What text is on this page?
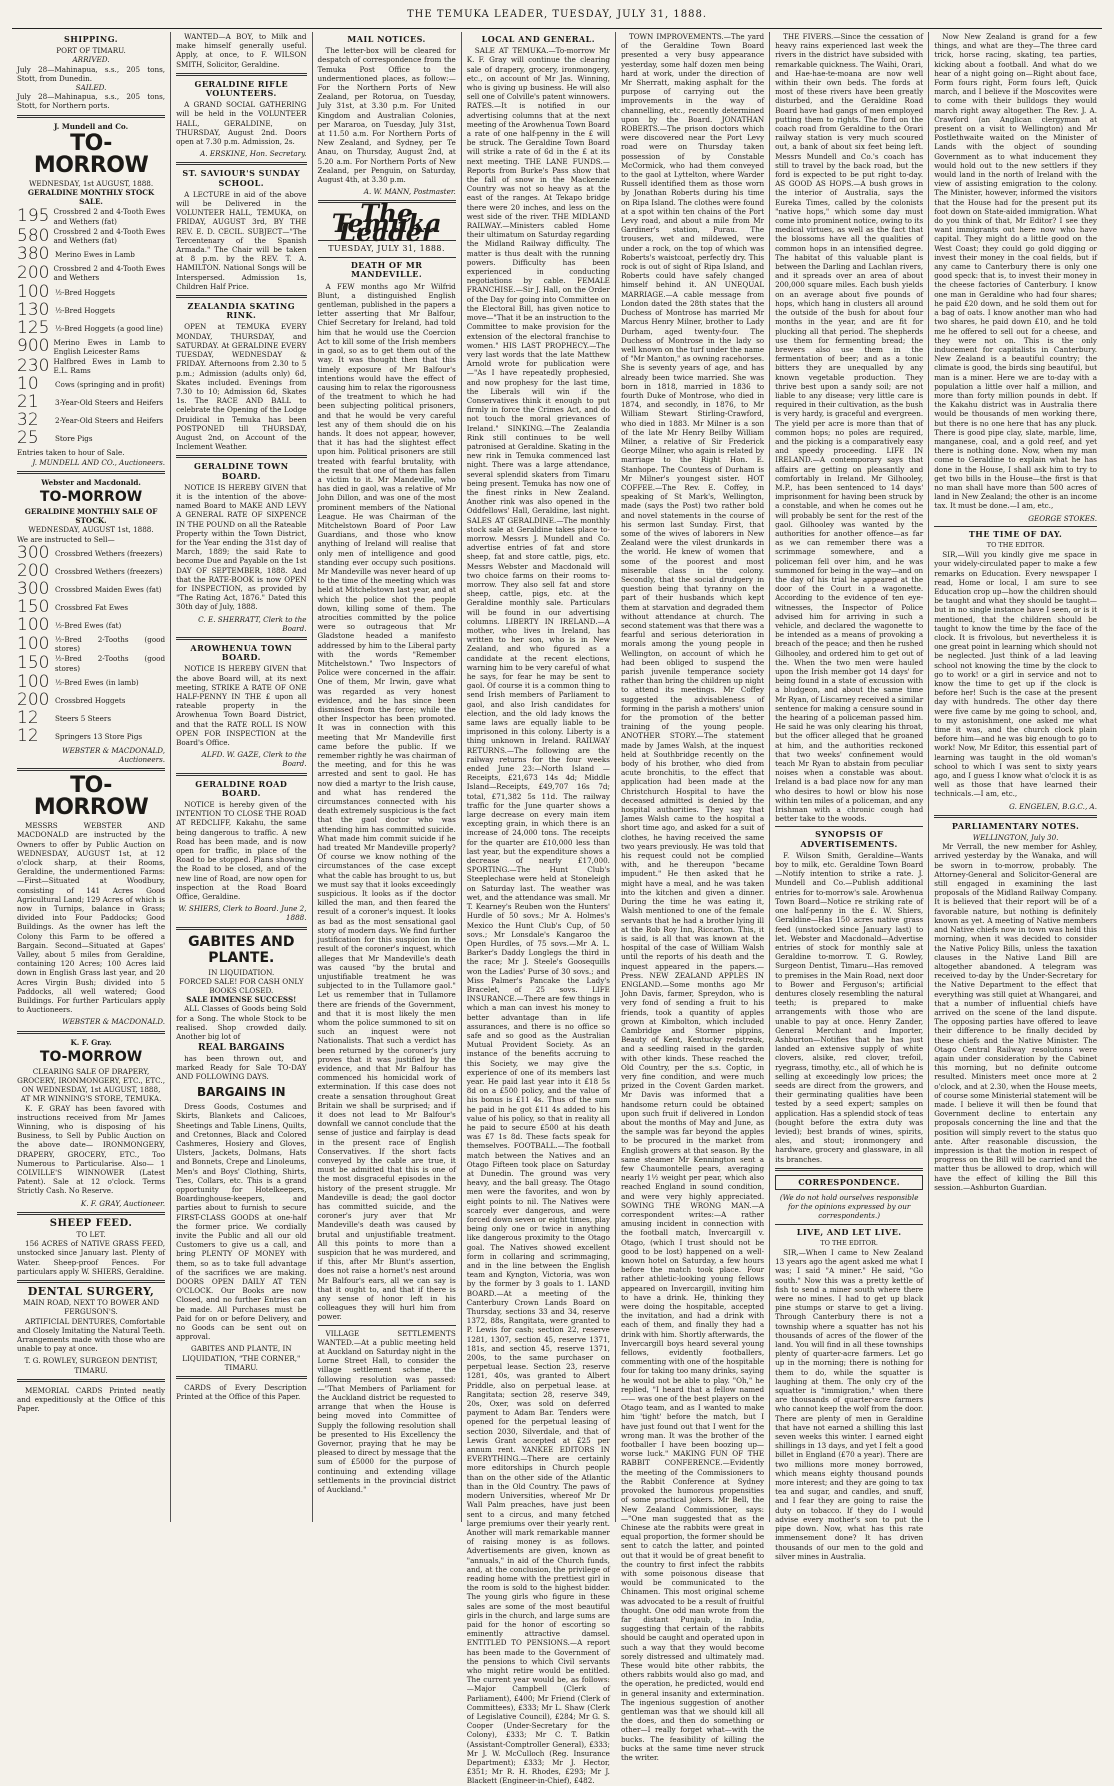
THE TEMUKA LEADER, TUESDAY, JULY 31, 1888.
SHIPPING.
PORT OF TIMARU.
ARRIVED.
July 28—Mahinapua, s.s., 205 tons, Stott, from Dunedin.
SAILED.
July 28—Mahinapua, s.s., 205 tons, Stott, for Northern ports.
J. Mundell and Co.
TO-MORROW
WEDNESDAY, 1st AUGUST, 1888.
GERALDINE MONTHLY STOCK SALE.
195 Crossbred 2 and 4-Tooth Ewes and Wethers (fat)
580 Crossbred 2 and 4-Tooth Ewes and Wethers (fat)
380 Merino Ewes in Lamb
200 Crossbred 2 and 4-Tooth Ewes and Wethers
100 ½-Bred Hoggets
130 ½-Bred Hoggets
125 ½-Bred Hoggets (a good line)
900 Merino Ewes in Lamb to English Leicester Rams
230 Halfbred Ewes in Lamb to E.L. Rams
10	Cows (springing and in profit)
21	3-Year-Old Steers and Heifers
32	2-Year-Old Steers and Heifers
25	Store Pigs
Entries taken to hour of Sale.
J. MUNDELL AND CO., Auctioneers.
Webster and Macdonald.
TO-MORROW
GERALDINE MONTHLY SALE OF STOCK.
WEDNESDAY, AUGUST 1st, 1888.
We are instructed to Sell—
300 Crossbred Wethers (freezers)
200 Crossbred Wethers (freezers)
300 Crossbred Maiden Ewes (fat)
150 Crossbred Fat Ewes
100 ½-Bred Ewes (fat)
100 ½-Bred 2-Tooths (good stores)
150 ½-Bred 2-Tooths (good stores)
100 ½-Bred Ewes (in lamb)
200 Crossbred Hoggets
12	Steers 5 Steers
12	Springers 13 Store Pigs
WEBSTER & MACDONALD, Auctioneers.
TO-MORROW

MESSRS WEBSTER AND MACDONALD are instructed by the Owners to offer by Public Auction on WEDNESDAY, AUGUST 1st, at 12 o'clock sharp, at their Rooms, Geraldine, the undermentioned Farms:—First—Situated at Woodbury, consisting of 141 Acres Good Agricultural Land; 129 Acres of which is now in Turnips, balance in Grass; divided into Four Paddocks; Good Buildings. As the owner has left the Colony this Farm to be offered a Bargain. Second—Situated at Gapes' Valley, about 5 miles from Geraldine, containing 120 Acres; 100 Acres laid down in English Grass last year, and 20 Acres Virgin Bush; divided into 5 Paddocks, all well watered; Good Buildings. For further Particulars apply to Auctioneers.

WEBSTER & MACDONALD.
K. F. Gray.
TO-MORROW
CLEARING SALE OF DRAPERY, GROCERY, IRONMONGERY, ETC., ETC.,
ON WEDNESDAY, 1st AUGUST, 1888, AT MR WINNING'S STORE, TEMUKA.

K. F. GRAY has been favored with instructions received from Mr James Winning, who is disposing of his Business, to Sell by Public Auction on the above date— IRONMONGERY, DRAPERY, GROCERY, ETC., Too Numerous to Particularise. Also— 1 COLVILLE'S WINNOWER (Latest Patent). Sale at 12 o'clock. Terms Strictly Cash. No Reserve.

K. F. GRAY, Auctioneer.
SHEEP FEED.
TO LET.

156 ACRES of NATIVE GRASS FEED, unstocked since January last. Plenty of Water. Sheep-proof Fences. For particulars apply W. SHIERS, Geraldine.

DENTAL SURGERY,
MAIN ROAD, NEXT TO BOWER AND FERGUSON'S.

ARTIFICIAL DENTURES, Comfortable and Closely Imitating the Natural Teeth. Arrangements made with those who are unable to pay at once.

T. G. ROWLEY, SURGEON DENTIST, TIMARU.

MEMORIAL CARDS Printed neatly and expeditiously at the Office of this Paper.

WANTED—A BOY, to Milk and make himself generally useful. Apply, at once, to F. WILSON SMITH, Solicitor, Geraldine.

GERALDINE RIFLE VOLUNTEERS.

A GRAND SOCIAL GATHERING will be held in the VOLUNTEER HALL, GERALDINE, on THURSDAY, August 2nd. Doors open at 7.30 p.m. Admission, 2s.

A. ERSKINE, Hon. Secretary.
ST. SAVIOUR'S SUNDAY SCHOOL.

A LECTURE in aid of the above will be Delivered in the VOLUNTEER HALL, TEMUKA, on FRIDAY, AUGUST 3rd, BY THE REV. E. D. CECIL. SUBJECT—"The Tercentenary of the Spanish Armada." The Chair will be taken at 8 p.m. by the REV. T. A. HAMILTON. National Songs will be Interspersed. Admission 1s, Children Half Price.

ZEALANDIA SKATING RINK.

OPEN at TEMUKA EVERY MONDAY, THURSDAY, and SATURDAY. At GERALDINE EVERY TUESDAY, WEDNESDAY & FRIDAY. Afternoons from 2.30 to 5 p.m.; Admission (adults only) 6d, Skates included. Evenings from 7.30 to 10; Admission 6d, Skates 1s. The RACE AND BALL to celebrate the Opening of the Lodge Druidical in Temuka has been POSTPONED till THURSDAY, August 2nd, on Account of the Inclement Weather.

GERALDINE TOWN BOARD.

NOTICE IS HEREBY GIVEN that it is the intention of the above-named Board to MAKE AND LEVY A GENERAL RATE OF SIXPENCE IN THE POUND on all the Rateable Property within the Town District, for the Year ending the 31st day of March, 1889; the said Rate to become Due and Payable on the 1st DAY OF SEPTEMBER, 1888. And that the RATE-BOOK is now OPEN for INSPECTION, as provided by "The Rating Act, 1876." Dated this 30th day of July, 1888.

C. E. SHERRATT, Clerk to the Board.
AROWHENUA TOWN BOARD.

NOTICE IS HEREBY GIVEN that the above Board will, at its next meeting, STRIKE A RATE OF ONE HALF-PENNY IN THE £ upon all rateable property in the Arowhenua Town Board District, and that the RATE ROLL IS NOW OPEN FOR INSPECTION at the Board's Office.

ALFD. W. GAZE, Clerk to the Board.
GERALDINE ROAD BOARD.

NOTICE is hereby given of the INTENTION TO CLOSE THE ROAD AT REDCLIFF, Kakahu, the same being dangerous to traffic. A new Road has been made, and is now open for traffic, in place of the Road to be stopped. Plans showing the Road to be closed, and of the new line of Road, are now open for inspection at the Road Board Office, Geraldine.

W. SHIERS, Clerk to Board. June 2, 1888.
GABITES AND PLANTE.
IN LIQUIDATION.
FORCED SALE! FOR CASH ONLY BOOKS CLOSED.
SALE IMMENSE SUCCESS!

ALL Classes of Goods being Sold for a Song. The whole Stock to be realised. Shop crowded daily. Another big lot of

REAL BARGAINS

has been thrown out, and marked Ready for Sale TO-DAY AND FOLLOWING DAYS.

BARGAINS IN

Dress Goods, Costumes and Skirts, Blankets and Calicoes, Sheetings and Table Linens, Quilts, and Cretonnes, Black and Colored Cashmeres, Hosiery and Gloves, Ulsters, Jackets, Dolmans, Hats and Bonnets, Crepe and Linoleums, Men's and Boys' Clothing, Shirts, Ties, Collars, etc. This is a grand opportunity for Hotelkeepers, Boardinghouse-keepers, and parties about to furnish to secure FIRST-CLASS GOODS at one-half the former price. We cordially invite the Public and all our old Customers to give us a call, and bring PLENTY OF MONEY with them, so as to take full advantage of the sacrifices we are making. DOORS OPEN DAILY AT TEN O'CLOCK. Our Books are now Closed, and no further Entries can be made. All Purchases must be Paid for on or before Delivery, and no Goods can be sent out on approval.

GABITES AND PLANTE, IN LIQUIDATION, "THE CORNER," TIMARU.

CARDS of Every Description Printed at the Office of this Paper.

MAIL NOTICES.

The letter-box will be cleared for despatch of correspondence from the Temuka Post Office to the undermentioned places, as follow:— For the Northern Ports of New Zealand, per Rotorua, on Tuesday, July 31st, at 3.30 p.m. For United Kingdom and Australian Colonies, per Mararoa, on Tuesday, July 31st, at 11.50 a.m. For Northern Ports of New Zealand, and Sydney, per Te Anau, on Thursday, August 2nd, at 5.20 a.m. For Northern Ports of New Zealand, per Penguin, on Saturday, August 4th, at 3.30 p.m.

A. W. MANN, Postmaster.
The Temuka Leader
TUESDAY, JULY 31, 1888.
DEATH OF MR MANDEVILLE.

A FEW months ago Mr Wilfrid Blunt, a distinguished English gentleman, published in the papers a letter asserting that Mr Balfour, Chief Secretary for Ireland, had told him that he would use the Coercion Act to kill some of the Irish members in gaol, so as to get them out of the way. It was thought then that this timely exposure of Mr Balfour's intentions would have the effect of causing him to relax the rigorousness of the treatment to which he had been subjecting political prisoners, and that he would be very careful lest any of them should die on his hands. It does not appear, however, that it has had the slightest effect upon him. Political prisoners are still treated with fearful brutality, with the result that one of them has fallen a victim to it. Mr Mandeville, who has died in gaol, was a relative of Mr John Dillon, and was one of the most prominent members of the National League. He was Chairman of the Mitchelstown Board of Poor Law Guardians, and those who know anything of Ireland will realise that only men of intelligence and good standing ever occupy such positions. Mr Mandeville was never heard of up to the time of the meeting which was held at Mitchelstown last year, and at which the police shot the people down, killing some of them. The atrocities committed by the police were so outrageous that Mr Gladstone headed a manifesto addressed by him to the Liberal party with the words "Remember Mitchelstown." Two Inspectors of Police were concerned in the affair. One of them, Mr Irwin, gave what was regarded as very honest evidence, and he has since been dismissed from the force; while the other Inspector has been promoted. It was in connection with this meeting that Mr Mandeville first came before the public. If we remember rightly he was chairman of the meeting, and for this he was arrested and sent to gaol. He has now died a martyr to the Irish cause, and what has rendered the circumstances connected with his death extremely suspicious is the fact that the gaol doctor who was attending him has committed suicide. What made him commit suicide if he had treated Mr Mandeville properly? Of course we know nothing of the circumstances of the case except what the cable has brought to us, but we must say that it looks exceedingly suspicious. It looks as if the doctor killed the man, and then feared the result of a coroner's inquest. It looks as bad as the most sensational gaol story of modern days. We find further justification for this suspicion in the result of the coroner's inquest, which alleges that Mr Mandeville's death was caused "by the brutal and unjustifiable treatment he was subjected to in the Tullamore gaol." Let us remember that in Tullamore there are friends of the Government, and that it is most likely the men whom the police summoned to sit on such an inquest were not Nationalists. That such a verdict has been returned by the coroner's jury proves that it was justified by the evidence, and that Mr Balfour has commenced his homicidal work of extermination. If this case does not create a sensation throughout Great Britain we shall be surprised; and if it does not lead to Mr Balfour's downfall we cannot conclude that the sense of justice and fairplay is dead in the present race of English Conservatives. If the short facts conveyed by the cable are true, it must be admitted that this is one of the most disgraceful episodes in the history of the present struggle. Mr Mandeville is dead; the gaol doctor has committed suicide, and the coroner's jury aver that Mr Mandeville's death was caused by brutal and unjustifiable treatment. All this points to more than a suspicion that he was murdered, and if this, after Mr Blunt's assertion, does not raise a hornet's nest around Mr Balfour's ears, all we can say is that it ought to, and that if there is any sense of honor left in his colleagues they will hurl him from power.

VILLAGE SETTLEMENTS WANTED.—At a public meeting held at Auckland on Saturday night in the Lorne Street Hall, to consider the village settlement scheme, the following resolution was passed:—"That Members of Parliament for the Auckland district be requested to arrange that when the House is being moved into Committee of Supply the following resolution shall be presented to His Excellency the Governor, praying that he may be pleased to direct by message that the sum of £5000 for the purpose of continuing and extending village settlements in the provincial district of Auckland."

LOCAL AND GENERAL.

SALE AT TEMUKA.—To-morrow Mr K. F. Gray will continue the clearing sale of drapery, grocery, ironmongery, etc., on account of Mr Jas. Winning, who is giving up business. He will also sell one of Colville's patent winnowers. RATES.—It is notified in our advertising columns that at the next meeting of the Arowhenua Town Board a rate of one half-penny in the £ will be struck. The Geraldine Town Board will strike a rate of 6d in the £ at its next meeting. THE LANE FUNDS.—Reports from Burke's Pass show that the fall of snow in the Mackenzie Country was not so heavy as at the east of the ranges. At Tekapo bridge there were 20 inches, and less on the west side of the river. THE MIDLAND RAILWAY.—Ministers cabled Home their ultimatum on Saturday regarding the Midland Railway difficulty. The matter is thus dealt with the running powers. Difficulty has been experienced in conducting negotiations by cable. FEMALE FRANCHISE.—Sir J. Hall, on the Order of the Day for going into Committee on the Electoral Bill, has given notice to move—"That it be an instruction to the Committee to make provision for the extension of the electoral franchise to women." HIS LAST PROPHECY.—The very last words that the late Matthew Arnold wrote for publication were—"As I have repeatedly prophesied, and now prophesy for the last time, the Liberals will win if the Conservatives think it enough to put firmly in force the Crimes Act, and do not touch the moral grievances of Ireland." SINKING.—The Zealandia Rink still continues to be well patronised at Geraldine. Skating in the new rink in Temuka commenced last night. There was a large attendance, several splendid skaters from Timaru being present. Temuka has now one of the finest rinks in New Zealand. Another rink was also opened in the Oddfellows' Hall, Geraldine, last night. SALES AT GERALDINE.—The monthly stock sale at Geraldine takes place to-morrow. Messrs J. Mundell and Co. advertise entries of fat and store sheep, fat and store cattle, pigs, etc. Messrs Webster and Macdonald will two choice farms on their rooms to-morrow. They also sell fat and store sheep, cattle, pigs, etc. at the Geraldine monthly sale. Particulars will be found in our advertising columns. LIBERTY IN IRELAND.—A mother, who lives in Ireland, has written to her son, who is in New Zealand, and who figured as a candidate at the recent elections, warning him to be very careful of what he says, for fear he may be sent to gaol. Of course it is a common thing to send Irish members of Parliament to gaol, and also Irish candidates for election, and the old lady knows the same laws are equally liable to be imprisoned in this colony. Liberty is a thing unknown in Ireland. RAILWAY RETURNS.—The following are the railway returns for the four weeks ended June 23:—North Island — Receipts, £21,673 14s 4d; Middle Island—Receipts, £49,707 16s 7d; total, £71,382 5s 11d. The railway traffic for the June quarter shows a large decrease on every main item excepting grain, in which there is an increase of 24,000 tons. The receipts for the quarter are £10,000 less than last year, but the expenditure shows a decrease of nearly £17,000. SPORTING.—The Hunt Club's Steeplechase were held at Stoneleigh on Saturday last. The weather was wet, and the attendance was small. Mr T. Kearney's Reuben won the Hunters' Hurdle of 50 sovs.; Mr A. Holmes's Mexico the Hunt Club's Cup, of 50 sovs.; Mr Lonsdale's Kangaroo the Open Hurdles, of 75 sovs.—Mr A. L. Barker's Daddy Longlegs the third in the race; Mr J. Steele's Goosequills won the Ladies' Purse of 30 sovs.; and Miss Palmer's Pancake the Lady's Bracelet, of 25 sovs. LIFE INSURANCE.—There are few things in which a man can invest his money to better advantage than in life assurances, and there is no office so safe and so good as the Australian Mutual Provident Society. As an instance of the benefits accruing to this Society, we may give the experience of one of its members last year. He paid last year into it £18 5s 8d on a £500 policy, and the value of his bonus is £11 4s. Thus of the sum he paid in he got £11 4s added to his value of his policy, so that in reality all he paid to secure £500 at his death was £7 1s 8d. These facts speak for themselves. FOOTBALL.—The football match between the Natives and an Otago Fifteen took place on Saturday at Dunedin. The ground was very heavy, and the ball greasy. The Otago men were the favorites, and won by eight points to nil. The Natives were scarcely ever dangerous, and were forced down seven or eight times, play being only one or twice in anything like dangerous proximity to the Otago goal. The Natives showed excellent form in collaring and scrimmaging, and in the line between the English team and Kyngton, Victoria, was won by the former by 3 goals to 1. LAND BOARD.—At a meeting of the Canterbury Crown Lands Board on Thursday, sections 33 and 34, reserve 1372, 88s, Rangitata, were granted to P. Lewis for cash; section 22, reserve 1281, 1307, section 45, reserve 1371, 181s, and section 45, reserve 1371, 200s, to the same purchaser on perpetual lease. Section 23, reserve 1281, 40s, was granted to Albert Priddle, also on perpetual lease. at Rangitata; section 28, reserve 349, 20s, Oxer, was sold on deferred payment to Adam Bar. Tenders were opened for the perpetual leasing of section 2030, Silverdale, and that of Lewis Grant accepted at £25 per annum rent. YANKEE EDITORS IN EVERYTHING.—There are certainly more editorships in Church people than on the other side of the Atlantic than in the Old Country. The paws of modern Universities, whereof Mr Dr Wall Palm preaches, have just been sent to a circus, and many fetched large premiums over their yearly rent. Another will mark remarkable manner of raising money is as follows. Advertisements are given, known as "annuals," in aid of the Church funds, and, at the conclusion, the privilege of reading home with the prettiest girl in the room is sold to the highest bidder. The young girls who figure in these sales are some of the most beautiful girls in the church, and large sums are paid for the honor of escorting so eminently attractive damsel. ENTITLED TO PENSIONS.—A report has been made to the Government of the pensions to which Civil servants who might retire would be entitled. The current year would be, as follows:—Major Campbell (Clerk of Parliament), £400; Mr Friend (Clerk of Committees), £333; Mr L. Shaw (Clerk of Legislative Council), £284; Mr G. S. Cooper (Under-Secretary for the Colony), £333; Mr C. T. Batkin (Assistant-Comptroller General), £333; Mr J. W. McCulloch (Reg. Insurance Department); £333; Mr J. Hector, £351; Mr R. H. Rhodes, £293; Mr J. Blackett (Engineer-in-Chief), £482.

TOWN IMPROVEMENTS.—The yard of the Geraldine Town Board presented a very busy appearance yesterday, some half dozen men being hard at work, under the direction of Mr Sherratt, making asphalt for the purpose of carrying out the improvements in the way of channelling, etc., recently determined upon by the Board. JONATHAN ROBERTS.—The prison doctors which were discovered near the Port Levy road were on Thursday taken possession of by Constable McCormick, who had them conveyed to the gaol at Lyttelton, where Warder Russell identified them as those worn by Jonathan Roberts during his time on Ripa Island. The clothes were found at a spot within ten chains of the Port Levy road, and about a mile from Mr Gardiner's station, Purau. The trousers, wet and mildewed, were under a rock, on the top of which was Roberts's waistcoat, perfectly dry. This rock is out of sight of Ripa Island, and Roberts could have safely changed himself behind it. AN UNEQUAL MARRIAGE.—A cable message from London dated the 28th states that the Duchess of Montrose has married Mr Marcus Henry Milner, brother to Lady Durham, aged twenty-four. The Duchess of Montrose in the lady so well known on the turf under the name of "Mr Manton," as owning racehorses. She is seventy years of age, and has already been twice married. She was born in 1818, married in 1836 to fourth Duke of Montrose, who died in 1874, and secondly, in 1876, to Mr William Stewart Stirling-Crawford, who died in 1883. Mr Milner is a son of the late Mr Henry Beilby William Milner, a relative of Sir Frederick George Milner, who again is related by marriage to the Right Hon. E. Stanhope. The Countess of Durham is Mr Milner's youngest sister. HOT COFFEE.—The Rev. E. Coffey, in speaking of St Mark's, Wellington, made (says the Post) two rather bold and novel statements in the course of his sermon last Sunday. First, that some of the wives of laborers in New Zealand were the vilest drunkards in the world. He knew of women that some of the poorest and most miserable class in the colony. Secondly, that the social drudgery in question being that tyranny on the part of their husbands which kept them at starvation and degraded them without attendance at church. The second statement was that there was a fearful and serious deterioration in morals among the young people in Wellington, on account of which he had been obliged to suspend the parish juvenile temperance society rather than bring the children up night to attend its meetings. Mr Coffey suggested the advisableness of forming in the parish a mothers' union for the promotion of the better training of the young people. ANOTHER STORY.—The statement made by James Walsh, at the inquest held at Southbridge recently on the body of his brother, who died from acute bronchitis, to the effect that application had been made at the Christchurch Hospital to have the deceased admitted is denied by the hospital authorities. They say that James Walsh came to the hospital a short time ago, and asked for a suit of clothes, he having received the same two years previously. He was told that his request could not be complied with, and he thereupon "became impudent." He then asked that he might have a meal, and he was taken into the kitchen and given a dinner. During the time he was eating it, Walsh mentioned to one of the female servants that he had a brother lying ill at the Rob Roy Inn, Riccarton. This, it is said, is all that was known at the hospital of the case of William Walsh until the reports of his death and the inquest appeared in the papers.—Press. NEW ZEALAND APPLES IN ENGLAND.—Some months ago Mr John Davis, farmer, Spreydon, who is very fond of sending a fruit to his friends, took a quantity of apples grown at Kimbolton, which included Cambridge and Stormer pippins, Beauty of Kent, Kentucky redstreak, and a seedling raised in the garden with other kinds. These reached the Old Country, per the s.s. Coptic, in very fine condition, and were much prized in the Covent Garden market. Mr Davis was informed that a handsome return could be obtained upon such fruit if delivered in London about the months of May and June, as the sample was far beyond the apples to be procured in the market from English growers at that season. By the same steamer Mr Kennington sent a few Chaumontelle pears, averaging nearly 1½ weight per pear, which also reached England in sound condition, and were very highly appreciated. SOWING THE WRONG MAN.—A correspondent writes:—A rather amusing incident in connection with the football match, Invercargill v. Otago, (which I trust should not be good to be lost) happened on a well-known hotel on Saturday, a few hours before the match took place. Four rather athletic-looking young fellows appeared on Invercargill, inviting him to have a drink. He, thinking they were doing the hospitable, accepted the invitation, and had a drink with each of them, and finally they had a drink with him. Shortly afterwards, the Invercargill boys heard several young fellows, evidently footballers, commenting with one of the hospitable four for taking too many drinks, saying he would not be able to play. "Oh," he replied, "I heard that a fellow named —— was one of the best players on the Otago team, and as I wanted to make him 'tight' before the match, but I have just found out that I went for the wrong man. It was the brother of the footballer I have been boozing up—worse luck." MAKING FUN OF THE RABBIT CONFERENCE.—Evidently the meeting of the Commissioners to the Rabbit Conference at Sydney provoked the humorous propensities of some practical jokers. Mr Bell, the New Zealand Commissioner, says:—"One man suggested that as the Chinese ate the rabbits were great in equal proportion, the former should be sent to catch the latter, and pointed out that it would be of great benefit to the country to first infect the rabbits with some poisonous disease that would be communicated to the Chinamen. This most original scheme was advocated to be a result of fruitful thought. One odd man wrote from the far distant Punjaub, in India, suggesting that certain of the rabbits should be caught and operated upon in such a way that they would become sorely distressed and ultimately mad. These would bite other rabbits, the others rabbits would also go mad, and the operation, he predicted, would end in general insanity and extermination. The ingenious suggestion of another gentleman was that we should kill all the does, and then do something or other—I really forget what—with the bucks. The feasibility of killing the bucks at the same time never struck the writer.

THE FIVERS.—Since the cessation of heavy rains experienced last week the rivers in the district have subsided with remarkable quickness. The Waihi, Orari, and Hae-hae-te-moana are now well within their own beds. The fords at most of these rivers have been greatly disturbed, and the Geraldine Road Board have had gangs of men employed putting them to rights. The ford on the coach road from Geraldine to the Orari railway station is very much scoured out, a bank of about six feet being left. Messrs Mundell and Co.'s coach has still to travel by the back road, but the ford is expected to be put right to-day. AS GOOD AS HOPS.—A bush grows in the interior of Australia, says the Eureka Times, called by the colonists "native hops," which some day must come into prominent notice, owing to its medical virtues, as well as the fact that the blossoms have all the qualities of common hops in an intensified degree. The habitat of this valuable plant is between the Darling and Lachlan rivers, and it spreads over an area of about 200,000 square miles. Each bush yields on an average about five pounds of hops, which hang in clusters all around the outside of the bush for about four months in the year, and are fit for plucking all that period. The shepherds use them for fermenting bread; the brewers also use them in the fermentation of beer; and as a tonic bitters they are unequalled by any known vegetable production. They thrive best upon a sandy soil; are not liable to any disease; very little care is required in their cultivation, as the bush is very hardy, is graceful and evergreen. The yield per acre is more than that of common hops; no poles are required, and the picking is a comparatively easy and speedy proceeding. LIFE IN IRELAND.—A contemporary says that affairs are getting on pleasantly and comfortably in Ireland. Mr Gilhooley, M.P., has been sentenced to 14 days' imprisonment for having been struck by a constable, and when he comes out he will probably be sent for the rest of the gaol. Gilhooley was wanted by the authorities for another offence—as far as we can remember there was a scrimmage somewhere, and a policeman fell over him, and he was summoned for being in the way—and on the day of his trial he appeared at the door of the Court in a wagonette. According to the evidence of ten eye-witnesses, the Inspector of Police advised him for arriving in such a vehicle, and declared the wagonette to be intended as a means of provoking a breach of the peace; and then he rushed Gilhooley, and ordered him to get out of the. When the two men were hauled upon the Irish member got 14 days' for being found in a state of excussion with a bludgeon, and about the same time Mr Ryan, of Liscarney received a similar sentence for making a censure sound in the hearing of a policeman passed him. He said he was only clearing his throat, but the officer alleged that he groaned at him, and the authorities reckoned that two weeks' confinement would teach Mr Ryan to abstain from peculiar noises when a constable was about. Ireland is a bad place now for any man who desires to howl or blow his nose within ten miles of a policeman, and any Irishman with a chronic cough had better take to the woods.

SYNOPSIS OF ADVERTISEMENTS.

F. Wilson Smith, Geraldine—Wants boy to milk, etc. Geraldine Town Board—Notify intention to strike a rate. J. Mundell and Co.—Publish additional entries for to-morrow's sale. Arowhenua Town Board—Notice re striking rate of one half-penny in the £. W. Shiers, Geraldine—Has 150 acres native grass feed (unstocked since January last) to let. Webster and Macdonald—Advertise entries of stock for monthly sale at Geraldine to-morrow. T. G. Rowley, Surgeon Dentist, Timaru—Has removed to premises in the Main Road, next door to Bower and Ferguson's; artificial dentures closely resembling the natural teeth; is prepared to make arrangements with those who are unable to pay at once. Henry Zander, General Merchant and Importer, Ashburton—Notifies that he has just landed an extensive supply of white clovers, alsike, red clover, trefoil, ryegrass, timothy, etc., all of which he is selling at exceedingly low prices; the seeds are direct from the growers, and their germinating qualities have been tested by a seed expert; samples on application. Has a splendid stock of teas (bought before the extra duty was levied); best brands of wines, spirits, ales, and stout; ironmongery and hardware, grocery and glassware, in all its branches.

CORRESPONDENCE.
(We do not hold ourselves responsible for the opinions expressed by our correspondents.)
LIVE, AND LET LIVE.
TO THE EDITOR.

SIR,—When I came to New Zealand 13 years ago the agent asked me what I was; I said "A miner." He said, "Go south." Now this was a pretty kettle of fish to send a miner south where there were no mines. I had to get up black pine stumps or starve to get a living. Through Canterbury there is not a township where a squatter has not his thousands of acres of the flower of the land. You will find in all these townships plenty of quarter-acre farmers. Let go up in the morning; there is nothing for them to do, while the squatter is laughing at them. The only cry of the squatter is "immigration," when there are thousands of quarter-acre farmers who cannot keep the wolf from the door. There are plenty of men in Geraldine that have not earned a shilling this last seven weeks this winter. I earned eight shillings in 13 days, and yet I felt a good billet in England (£70 a year). There are two millions more money borrowed, which means eighty thousand pounds more interest; and they are going to tax tea and sugar, and candles, and snuff, and I fear they are going to raise the duty on tobacco. If they do I would advise every mother's son to put the pipe down. Now, what has this rate immensement done? It has driven thousands of our men to the gold and silver mines in Australia.

Now New Zealand is grand for a few things, and what are they—The three card trick, horse racing, skating, tea parties, kicking about a football. And what do we hear of a night going on—Right about face, Form fours right, Form fours left, Quick march, and I believe if the Moscovites were to come with their bulldogs they would march right away altogether. The Rev. J. A. Crawford (an Anglican clergyman at present on a visit to Wellington) and Mr Postlethwaite waited on the Minister of Lands with the object of sounding Government as to what inducement they would hold out to the new settlers if they would land in the north of Ireland with the view of assisting emigration to the colony. The Minister, however, informed the visitors that the House had for the present put its foot down on State-aided immigration. What do you think of that, Mr Editor? I see they want immigrants out here now who have capital. They might do a little good on the West Coast; they could go gold digging or invest their money in the coal fields, but if any came to Canterbury there is only one good speck: that is, to invest their money in the cheese factories of Canterbury. I know one man in Geraldine who had four shares; he paid £20 down, and he sold them out for a bag of oats. I know another man who had two shares, he paid down £10, and he told me he offered to sell out for a cheese, and they were not on. This is the only inducement for capitalists in Canterbury. New Zealand is a beautiful country; the climate is good, the birds sing beautiful, but man is a miner. Here we are to-day with a population a little over half a million, and more than forty million pounds in debt. If the Kakahu district was in Australia there would be thousands of men working there, but there is no one here that has any pluck. There is good pipe clay, slate, marble, lime, manganese, coal, and a gold reef, and yet there is nothing done. Now, when my man come to Geraldine to explain what he has done in the House, I shall ask him to try to get two bills in the House—the first is that no man shall have more than 500 acres of land in New Zealand; the other is an income tax. It must be done.—I am, etc.,

GEORGE STOKES.
THE TIME OF DAY.
TO THE EDITOR.

SIR,—Will you kindly give me space in your widely-circulated paper to make a few remarks on Education. Every newspaper I read, Home or local, I am sure to see Education crop up—how the children should be taught and what they should be taught—but in no single instance have I seen, or is it mentioned, that the children should be taught to know the time by the face of the clock. It is frivolous, but nevertheless it is one great point in learning which should not be neglected. Just think of a lad leaving school not knowing the time by the clock to go to work! or a girl in service and not to know the time to get up if the clock is before her! Such is the case at the present day with hundreds. The other day there were five came by me going to school, and, to my astonishment, one asked me what time it was, and the church clock plain before him—and he was big enough to go to work! Now, Mr Editor, this essential part of learning was taught in the old woman's school to which I was sent to sixty years ago, and I guess I know what o'clock it is as well as those that have learned their technicals.—I am, etc.,

G. ENGELEN, B.G.C., A.
PARLIAMENTARY NOTES.
WELLINGTON, July 30.

Mr Verrall, the new member for Ashley, arrived yesterday by the Wanaka, and will be sworn in to-morrow, probably. The Attorney-General and Solicitor-General are still engaged in examining the last proposals of the Midland Railway Company. It is believed that their report will be of a favorable nature, but nothing is definitely known as yet. A meeting of Native members and Native chiefs now in town was held this morning, when it was decided to consider the Native Policy Bills, unless the taxation clauses in the Native Land Bill are altogether abandoned. A telegram was received to-day by the Under-Secretary for the Native Department to the effect that everything was still quiet at Whangarei, and that a number of influential chiefs have arrived on the scene of the land dispute. The opposing parties have offered to leave their difference to be finally decided by these chiefs and the Native Minister. The Otago Central Railway resolutions were again under consideration by the Cabinet this morning, but no definite outcome resulted. Ministers meet once more at 2 o'clock, and at 2.30, when the House meets, of course some Ministerial statement will be made. I believe it will then be found that Government decline to entertain any proposals concerning the line and that the position will simply revert to the status quo ante. After reasonable discussion, the impression is that the motion in respect of progress on the Bill will be carried and the matter thus be allowed to drop, which will have the effect of killing the Bill this session.—Ashburton Guardian.
